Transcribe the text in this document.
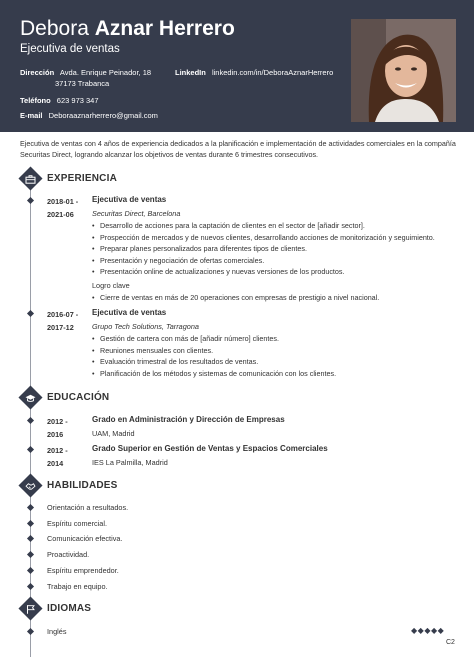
Debora Aznar Herrero
Ejecutiva de ventas
Dirección Avda. Enrique Peinador, 18
37173 Trabanca
LinkedIn linkedin.com/in/DeboraAznarHerrero
Teléfono 623 973 347
E-mail Deboraaznarherrero@gmail.com
Ejecutiva de ventas con 4 años de experiencia dedicados a la planificación e implementación de actividades comerciales en la compañía Securitas Direct, logrando alcanzar los objetivos de ventas durante 6 trimestres consecutivos.
EXPERIENCIA
2018-01 -
2021-06
Ejecutiva de ventas
Securitas Direct, Barcelona
• Desarrollo de acciones para la captación de clientes en el sector de [añadir sector].
• Prospección de mercados y de nuevos clientes, desarrollando acciones de monitorización y seguimiento.
• Preparar planes personalizados para diferentes tipos de clientes.
• Presentación y negociación de ofertas comerciales.
• Presentación online de actualizaciones y nuevas versiones de los productos.
Logro clave
• Cierre de ventas en más de 20 operaciones con empresas de prestigio a nivel nacional.
2016-07 -
2017-12
Ejecutiva de ventas
Grupo Tech Solutions, Tarragona
• Gestión de cartera con más de [añadir número] clientes.
• Reuniones mensuales con clientes.
• Evaluación trimestral de los resultados de ventas.
• Planificación de los métodos y sistemas de comunicación con los clientes.
EDUCACIÓN
2012 -
2016
Grado en Administración y Dirección de Empresas
UAM, Madrid
2012 -
2014
Grado Superior en Gestión de Ventas y Espacios Comerciales
IES La Palmilla, Madrid
HABILIDADES
Orientación a resultados.
Espíritu comercial.
Comunicación efectiva.
Proactividad.
Espíritu emprendedor.
Trabajo en equipo.
IDIOMAS
Inglés	◆◆◆◆◆
C2
